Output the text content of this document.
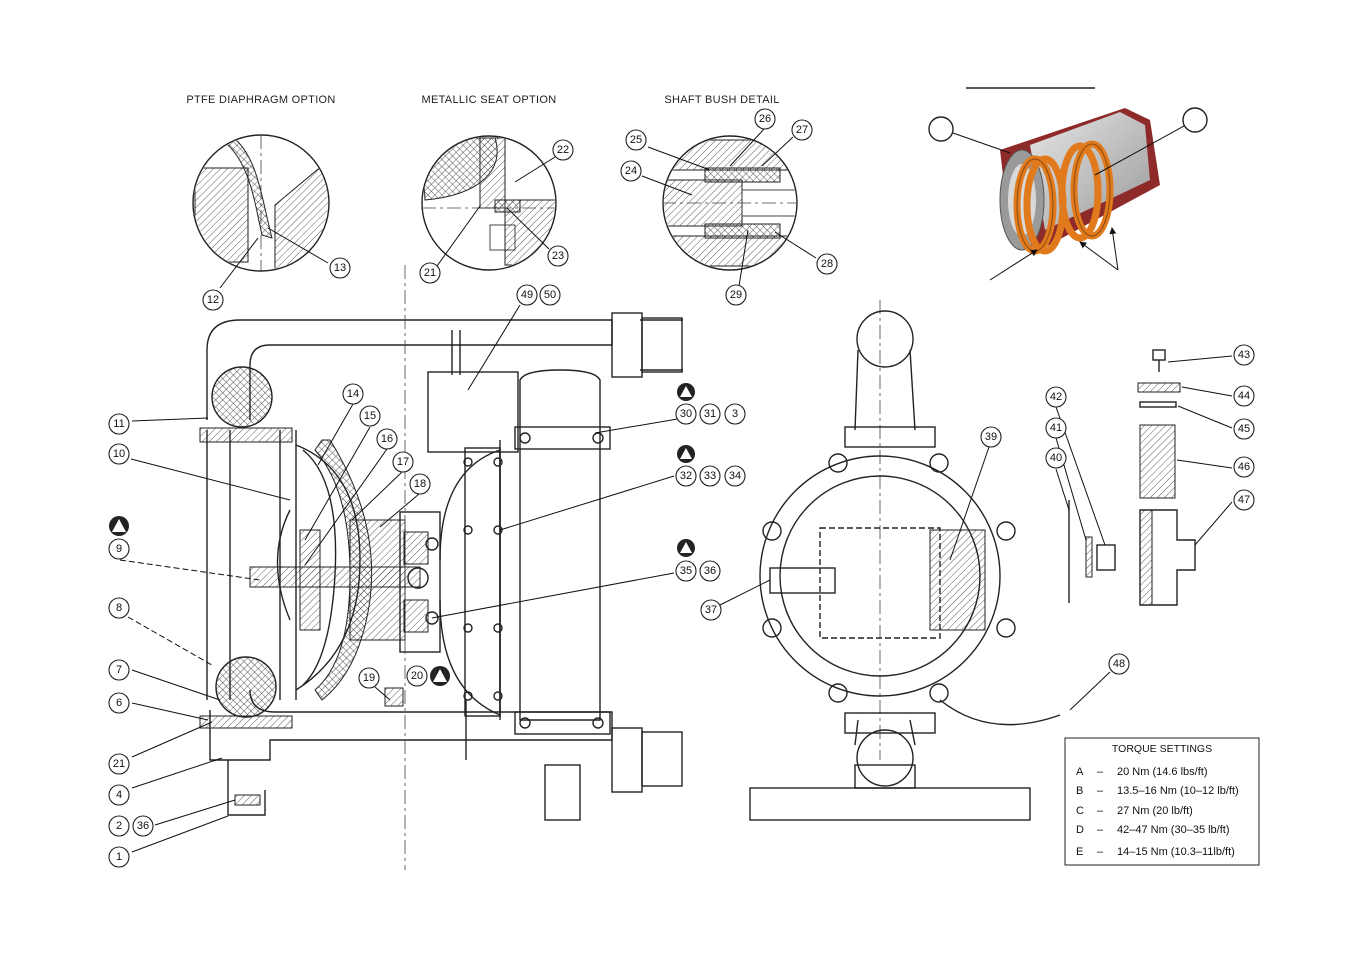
PTFE DIAPHRAGM OPTION	METALLIC SEAT OPTION	SHAFT BUSH DETAIL
12
13	21
22
23
24
25
26
27
28
29
49 50
11
10
9
8
7
6
21
4
2 36
1
14
15
16
17
18
19	20
30 31 3
32 33 34
35 36
37
39
40
41
42
43
44
45
46
47
48
TORQUE SETTINGS
A – 20 Nm (14.6 lbs/ft)
B – 13.5–16 Nm (10–12 lb/ft)
C – 27 Nm (20 lb/ft)
D – 42–47 Nm (30–35 lb/ft)
E – 14–15 Nm (10.3–11lb/ft)
